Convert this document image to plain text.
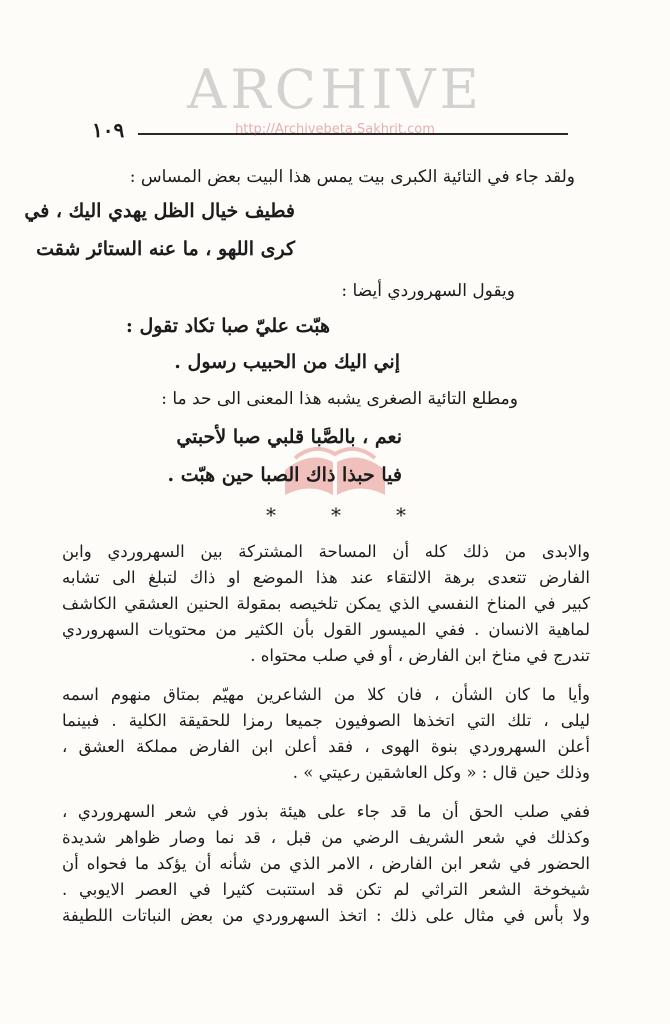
١٠٩
ARCHIVE
http://Archivebeta.Sakhrit.com
ولقد جاء في التائية الكبرى بيت يمس هذا البيت بعض المساس :
فطيف خيال الظل يهدي اليك ، في
كرى اللهو ، ما عنه الستائر شقت
ويقول السهروردي أيضا :
هبّت عليّ صبا تكاد تقول :
إني اليك من الحبيب رسول .
ومطلع التائية الصغرى يشبه هذا المعنى الى حد ما :
نعم ، بالصَّبا قلبي صبا لأحبتي
فيا حبذا ذاك الصبا حين هبّت .
*	*	*
والابدى من ذلك كله أن المساحة المشتركة بين السهروردي وابن
الفارض تتعدى برهة الالتقاء عند هذا الموضع او ذاك لتبلغ الى تشابه
كبير في المناخ النفسي الذي يمكن تلخيصه بمقولة الحنين العشقي الكاشف
لماهية الانسان . ففي الميسور القول بأن الكثير من محتويات السهروردي
تندرج في مناخ ابن الفارض ، أو في صلب محتواه .
وأيا ما كان الشأن ، فان كلا من الشاعرين مهيّم بمتاق منهوم اسمه
ليلى ، تلك التي اتخذها الصوفيون جميعا رمزا للحقيقة الكلية . فبينما
أعلن السهروردي بنوة الهوى ، فقد أعلن ابن الفارض مملكة العشق ،
وذلك حين قال : « وكل العاشقين رعيتي » .
ففي صلب الحق أن ما قد جاء على هيئة بذور في شعر السهروردي ،
وكذلك في شعر الشريف الرضي من قبل ، قد نما وصار ظواهر شديدة
الحضور في شعر ابن الفارض ، الامر الذي من شأنه أن يؤكد ما فحواه أن
شيخوخة الشعر التراثي لم تكن قد استتبت كثيرا في العصر الايوبي .
ولا بأس في مثال على ذلك : اتخذ السهروردي من بعض النباتات اللطيفة
